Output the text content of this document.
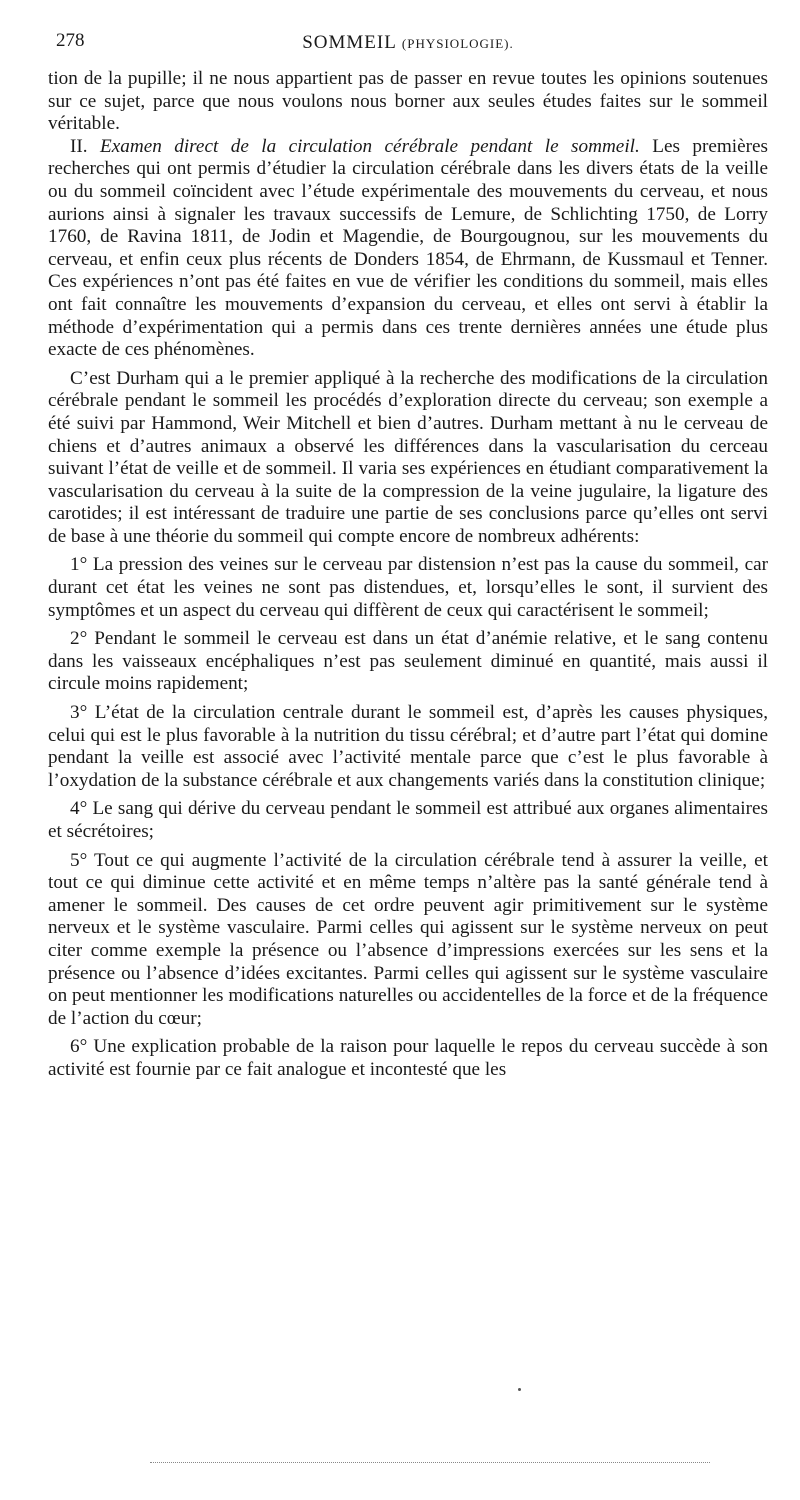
278	SOMMEIL (PHYSIOLOGIE).

tion de la pupille; il ne nous appartient pas de passer en revue toutes les opinions soutenues sur ce sujet, parce que nous voulons nous borner aux seules études faites sur le sommeil véritable.

II. Examen direct de la circulation cérébrale pendant le sommeil. Les premières recherches qui ont permis d’étudier la circulation cérébrale dans les divers états de la veille ou du sommeil coïncident avec l’étude expérimentale des mouvements du cerveau, et nous aurions ainsi à signaler les travaux successifs de Lemure, de Schlichting 1750, de Lorry 1760, de Ravina 1811, de Jodin et Magendie, de Bourgougnou, sur les mouvements du cerveau, et enfin ceux plus récents de Donders 1854, de Ehrmann, de Kussmaul et Tenner. Ces expériences n’ont pas été faites en vue de vérifier les conditions du sommeil, mais elles ont fait connaître les mouvements d’expansion du cerveau, et elles ont servi à établir la méthode d’expérimentation qui a permis dans ces trente dernières années une étude plus exacte de ces phénomènes.

C’est Durham qui a le premier appliqué à la recherche des modifications de la circulation cérébrale pendant le sommeil les procédés d’exploration directe du cerveau; son exemple a été suivi par Hammond, Weir Mitchell et bien d’autres. Durham mettant à nu le cerveau de chiens et d’autres animaux a observé les différences dans la vascularisation du cerceau suivant l’état de veille et de sommeil. Il varia ses expériences en étudiant comparativement la vascularisation du cerveau à la suite de la compression de la veine jugulaire, la ligature des carotides; il est intéressant de traduire une partie de ses conclusions parce qu’elles ont servi de base à une théorie du sommeil qui compte encore de nombreux adhérents:

1° La pression des veines sur le cerveau par distension n’est pas la cause du sommeil, car durant cet état les veines ne sont pas distendues, et, lorsqu’elles le sont, il survient des symptômes et un aspect du cerveau qui diffèrent de ceux qui caractérisent le sommeil;

2° Pendant le sommeil le cerveau est dans un état d’anémie relative, et le sang contenu dans les vaisseaux encéphaliques n’est pas seulement diminué en quantité, mais aussi il circule moins rapidement;

3° L’état de la circulation centrale durant le sommeil est, d’après les causes physiques, celui qui est le plus favorable à la nutrition du tissu cérébral; et d’autre part l’état qui domine pendant la veille est associé avec l’activité mentale parce que c’est le plus favorable à l’oxydation de la substance cérébrale et aux changements variés dans la constitution clinique;

4° Le sang qui dérive du cerveau pendant le sommeil est attribué aux organes alimentaires et sécrétoires;

5° Tout ce qui augmente l’activité de la circulation cérébrale tend à assurer la veille, et tout ce qui diminue cette activité et en même temps n’altère pas la santé générale tend à amener le sommeil. Des causes de cet ordre peuvent agir primitivement sur le système nerveux et le système vasculaire. Parmi celles qui agissent sur le système nerveux on peut citer comme exemple la présence ou l’absence d’impressions exercées sur les sens et la présence ou l’absence d’idées excitantes. Parmi celles qui agissent sur le système vasculaire on peut mentionner les modifications naturelles ou accidentelles de la force et de la fréquence de l’action du cœur;

6° Une explication probable de la raison pour laquelle le repos du cerveau succède à son activité est fournie par ce fait analogue et incontesté que les
